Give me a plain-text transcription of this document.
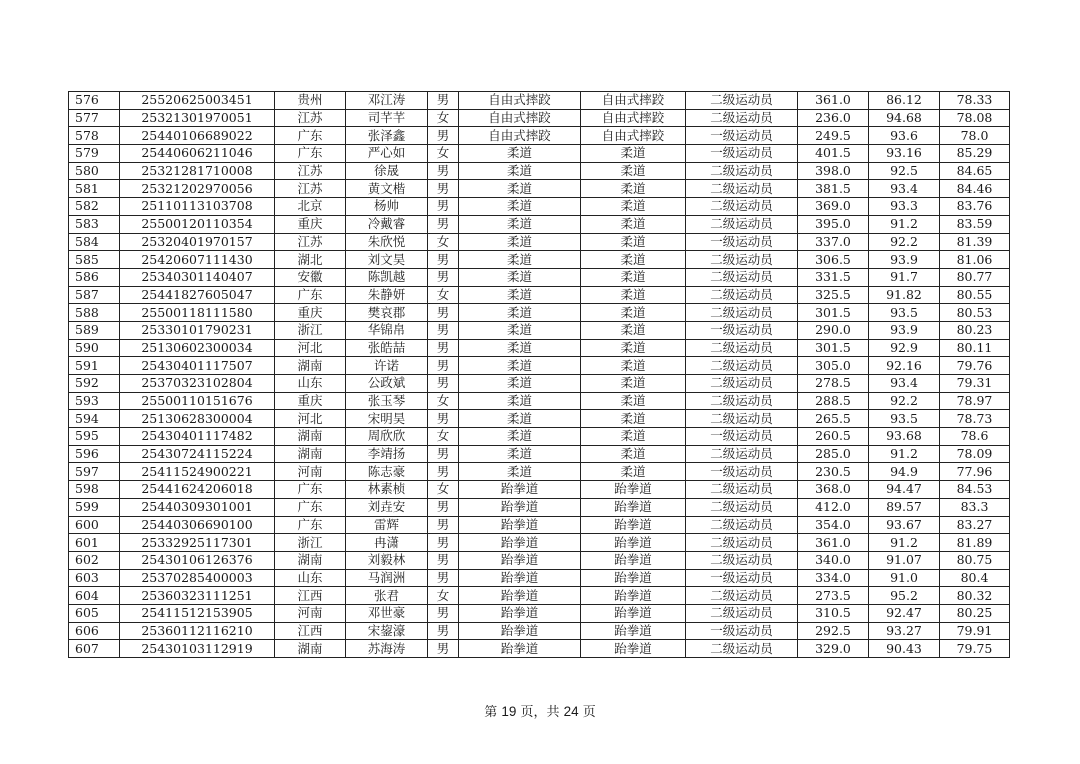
576	25520625003451	贵州	邓江涛	男	自由式摔跤	自由式摔跤	二级运动员	361.0	86.12	78.33
577	25321301970051	江苏	司芊芊	女	自由式摔跤	自由式摔跤	二级运动员	236.0	94.68	78.08
578	25440106689022	广东	张泽鑫	男	自由式摔跤	自由式摔跤	一级运动员	249.5	93.6	78.0
579	25440606211046	广东	严心如	女	柔道	柔道	一级运动员	401.5	93.16	85.29
580	25321281710008	江苏	徐晟	男	柔道	柔道	二级运动员	398.0	92.5	84.65
581	25321202970056	江苏	黄文楷	男	柔道	柔道	二级运动员	381.5	93.4	84.46
582	25110113103708	北京	杨帅	男	柔道	柔道	二级运动员	369.0	93.3	83.76
583	25500120110354	重庆	冷戴睿	男	柔道	柔道	二级运动员	395.0	91.2	83.59
584	25320401970157	江苏	朱欣悦	女	柔道	柔道	一级运动员	337.0	92.2	81.39
585	25420607111430	湖北	刘文昊	男	柔道	柔道	二级运动员	306.5	93.9	81.06
586	25340301140407	安徽	陈凯越	男	柔道	柔道	二级运动员	331.5	91.7	80.77
587	25441827605047	广东	朱静妍	女	柔道	柔道	二级运动员	325.5	91.82	80.55
588	25500118111580	重庆	樊哀郡	男	柔道	柔道	二级运动员	301.5	93.5	80.53
589	25330101790231	浙江	华锦帛	男	柔道	柔道	一级运动员	290.0	93.9	80.23
590	25130602300034	河北	张皓喆	男	柔道	柔道	二级运动员	301.5	92.9	80.11
591	25430401117507	湖南	许诺	男	柔道	柔道	二级运动员	305.0	92.16	79.76
592	25370323102804	山东	公政斌	男	柔道	柔道	二级运动员	278.5	93.4	79.31
593	25500110151676	重庆	张玉琴	女	柔道	柔道	二级运动员	288.5	92.2	78.97
594	25130628300004	河北	宋明昊	男	柔道	柔道	二级运动员	265.5	93.5	78.73
595	25430401117482	湖南	周欣欣	女	柔道	柔道	一级运动员	260.5	93.68	78.6
596	25430724115224	湖南	李靖扬	男	柔道	柔道	二级运动员	285.0	91.2	78.09
597	25411524900221	河南	陈志豪	男	柔道	柔道	一级运动员	230.5	94.9	77.96
598	25441624206018	广东	林素桢	女	跆拳道	跆拳道	二级运动员	368.0	94.47	84.53
599	25440309301001	广东	刘垚安	男	跆拳道	跆拳道	二级运动员	412.0	89.57	83.3
600	25440306690100	广东	雷辉	男	跆拳道	跆拳道	二级运动员	354.0	93.67	83.27
601	25332925117301	浙江	冉潇	男	跆拳道	跆拳道	二级运动员	361.0	91.2	81.89
602	25430106126376	湖南	刘毅林	男	跆拳道	跆拳道	二级运动员	340.0	91.07	80.75
603	25370285400003	山东	马润洲	男	跆拳道	跆拳道	一级运动员	334.0	91.0	80.4
604	25360323111251	江西	张君	女	跆拳道	跆拳道	二级运动员	273.5	95.2	80.32
605	25411512153905	河南	邓世豪	男	跆拳道	跆拳道	二级运动员	310.5	92.47	80.25
606	25360112116210	江西	宋鋆濠	男	跆拳道	跆拳道	一级运动员	292.5	93.27	79.91
607	25430103112919	湖南	苏海涛	男	跆拳道	跆拳道	二级运动员	329.0	90.43	79.75
第 19 页，共 24 页
